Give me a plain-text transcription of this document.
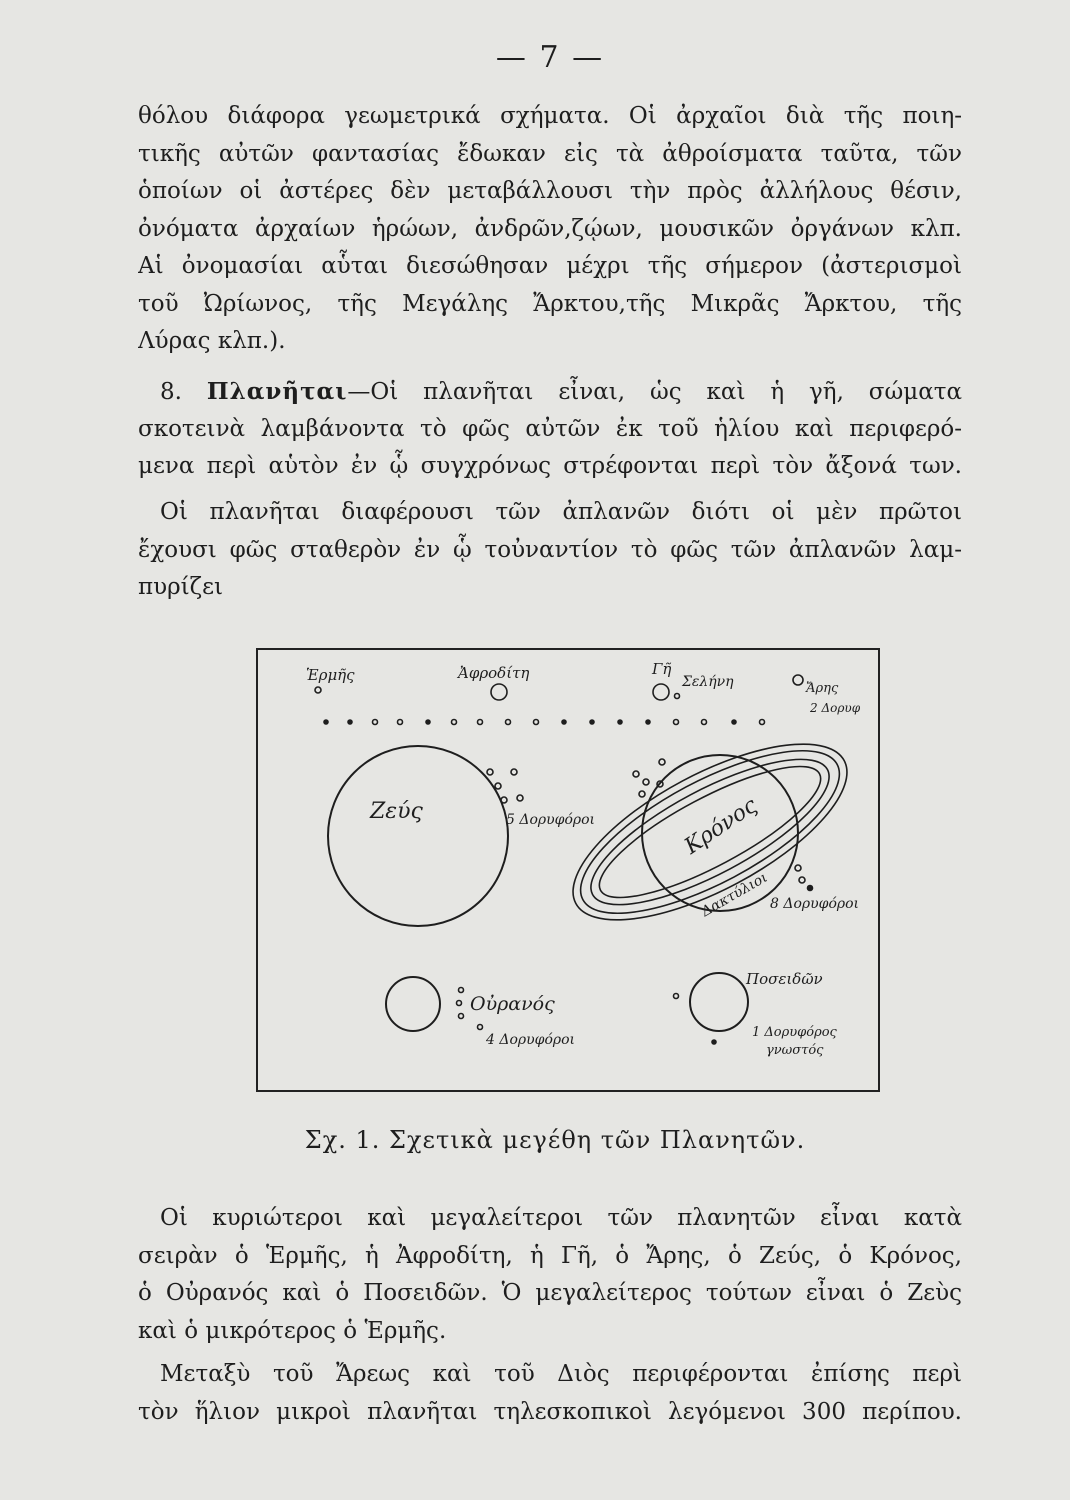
— 7 —
θόλου διάφορα γεωμετρικά σχήματα. Οἱ ἀρχαῖοι διὰ τῆς ποιη-
τικῆς αὐτῶν φαντασίας ἔδωκαν εἰς τὰ ἀθροίσματα ταῦτα, τῶν
ὁποίων οἱ ἀστέρες δὲν μεταβάλλουσι τὴν πρὸς ἀλλήλους θέσιν,
ὀνόματα ἀρχαίων ἡρώων, ἀνδρῶν,ζῴων, μουσικῶν ὀργάνων κλπ.
Αἱ ὀνομασίαι αὗται διεσώθησαν μέχρι τῆς σήμερον (ἀστερισμοὶ
τοῦ Ὠρίωνος, τῆς Μεγάλης Ἄρκτου,τῆς Μικρᾶς Ἄρκτου, τῆς
Λύρας κλπ.).
8. Πλανῆται—Οἱ πλανῆται εἶναι, ὡς καὶ ἡ γῆ, σώματα
σκοτεινὰ λαμβάνοντα τὸ φῶς αὐτῶν ἐκ τοῦ ἡλίου καὶ περιφερό-
μενα περὶ αὑτὸν ἐν ᾧ συγχρόνως στρέφονται περὶ τὸν ἄξονά των.
Οἱ πλανῆται διαφέρουσι τῶν ἀπλανῶν διότι οἱ μὲν πρῶτοι
ἔχουσι φῶς σταθερὸν ἐν ᾧ τοὐναντίον τὸ φῶς τῶν ἀπλανῶν λαμ-
πυρίζει
Ἑρμῆς	Ἀφροδίτη	Γῆ
Σελήνη	Ἄρης
2 Δορυφ
Ζεύς	5 Δορυφόροι	Κρόνος
Δακτύλιοι 8 Δορυφόροι
Οὐρανός
4 Δορυφόροι
Ποσειδῶν
1 Δορυφόρος
γνωστός
Σχ. 1. Σχετικὰ μεγέθη τῶν Πλανητῶν.
Οἱ κυριώτεροι καὶ μεγαλείτεροι τῶν πλανητῶν εἶναι κατὰ
σειρὰν ὁ Ἑρμῆς, ἡ Ἀφροδίτη, ἡ Γῆ, ὁ Ἄρης, ὁ Ζεύς, ὁ Κρόνος,
ὁ Οὐρανός καὶ ὁ Ποσειδῶν. Ὁ μεγαλείτερος τούτων εἶναι ὁ Ζεὺς
καὶ ὁ μικρότερος ὁ Ἑρμῆς.
Μεταξὺ τοῦ Ἄρεως καὶ τοῦ Διὸς περιφέρονται ἐπίσης περὶ
τὸν ἥλιον μικροὶ πλανῆται τηλεσκοπικοὶ λεγόμενοι 300 περίπου.
